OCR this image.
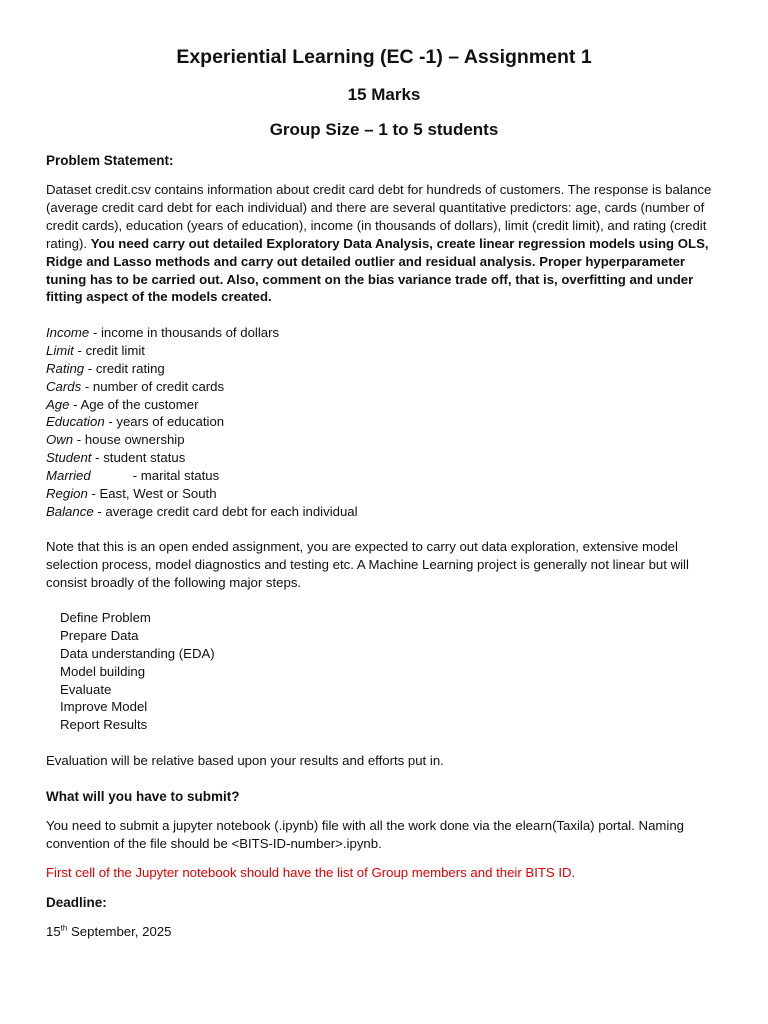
Experiential Learning (EC -1) – Assignment 1
15 Marks
Group Size – 1 to 5 students
Problem Statement:

Dataset credit.csv contains information about credit card debt for hundreds of customers. The response is balance (average credit card debt for each individual) and there are several quantitative predictors: age, cards (number of credit cards), education (years of education), income (in thousands of dollars), limit (credit limit), and rating (credit rating). You need carry out detailed Exploratory Data Analysis, create linear regression models using OLS, Ridge and Lasso methods and carry out detailed outlier and residual analysis. Proper hyperparameter tuning has to be carried out. Also, comment on the bias variance trade off, that is, overfitting and under fitting aspect of the models created.

Income - income in thousands of dollars
Limit - credit limit
Rating - credit rating
Cards - number of credit cards
Age - Age of the customer
Education - years of education
Own - house ownership
Student - student status
Married	- marital status
Region - East, West or South
Balance - average credit card debt for each individual

Note that this is an open ended assignment, you are expected to carry out data exploration, extensive model selection process, model diagnostics and testing etc. A Machine Learning project is generally not linear but will consist broadly of the following major steps.

Define Problem
Prepare Data
Data understanding (EDA)
Model building
Evaluate
Improve Model
Report Results

Evaluation will be relative based upon your results and efforts put in.

What will you have to submit?

You need to submit a jupyter notebook (.ipynb) file with all the work done via the elearn(Taxila) portal. Naming convention of the file should be <BITS-ID-number>.ipynb.

First cell of the Jupyter notebook should have the list of Group members and their BITS ID.

Deadline:

15th September, 2025
